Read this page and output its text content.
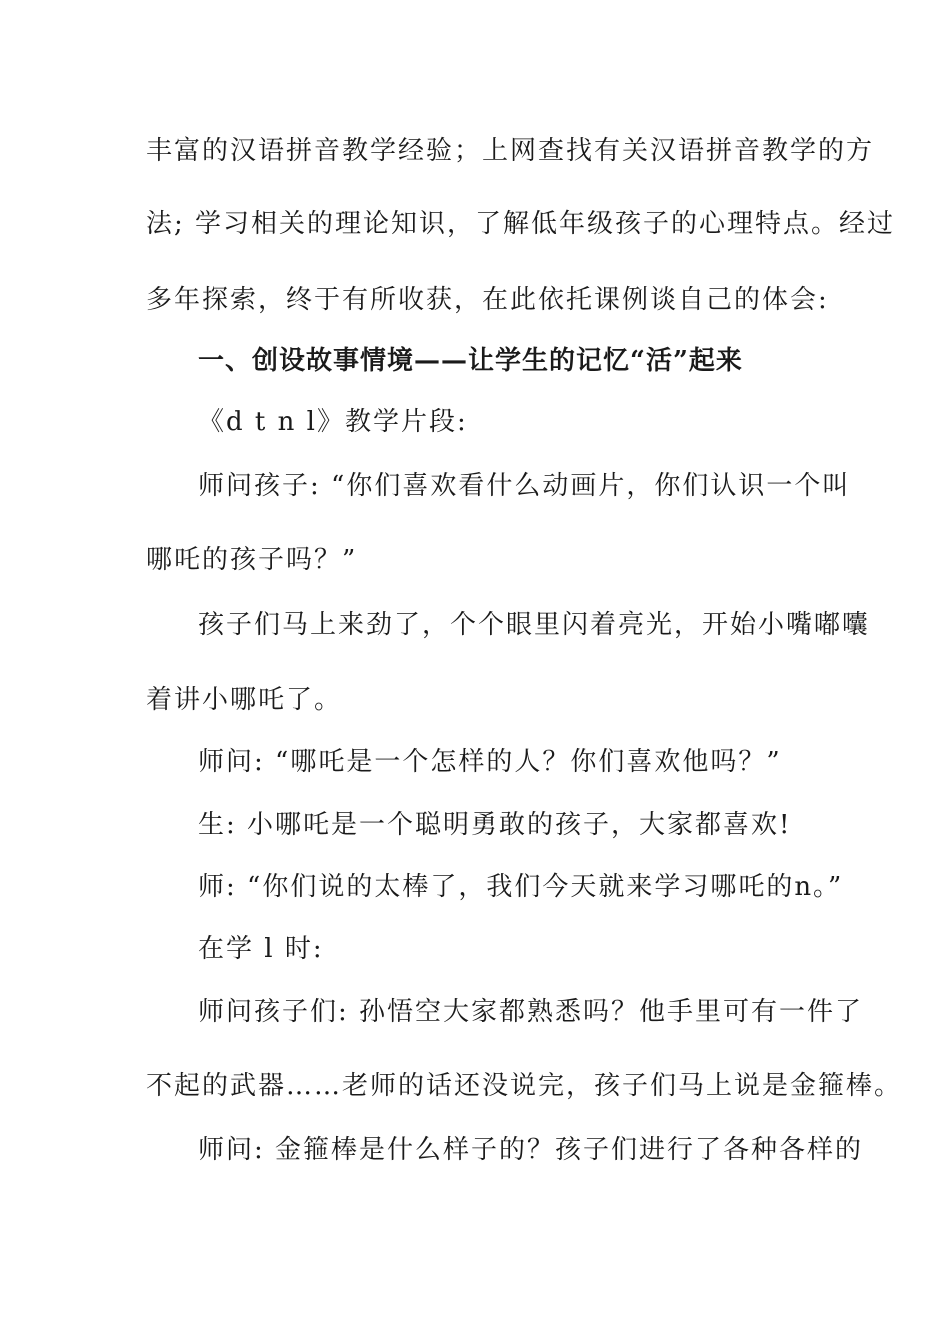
丰富的汉语拼音教学经验；上网查找有关汉语拼音教学的方
法; 学习相关的理论知识，了解低年级孩子的心理特点。经过
多年探索，终于有所收获，在此依托课例谈自己的体会:
一、创设故事情境——让学生的记忆“活”起来
《d t n l》教学片段:
师问孩子: “你们喜欢看什么动画片，你们认识一个叫
哪吒的孩子吗？”
孩子们马上来劲了，个个眼里闪着亮光，开始小嘴嘟囔
着讲小哪吒了。
师问: “哪吒是一个怎样的人？你们喜欢他吗？”
生: 小哪吒是一个聪明勇敢的孩子，大家都喜欢!
师: “你们说的太棒了，我们今天就来学习哪吒的n。”
在学 l 时:
师问孩子们: 孙悟空大家都熟悉吗？他手里可有一件了
不起的武器……老师的话还没说完，孩子们马上说是金箍棒。
师问: 金箍棒是什么样子的？孩子们进行了各种各样的
